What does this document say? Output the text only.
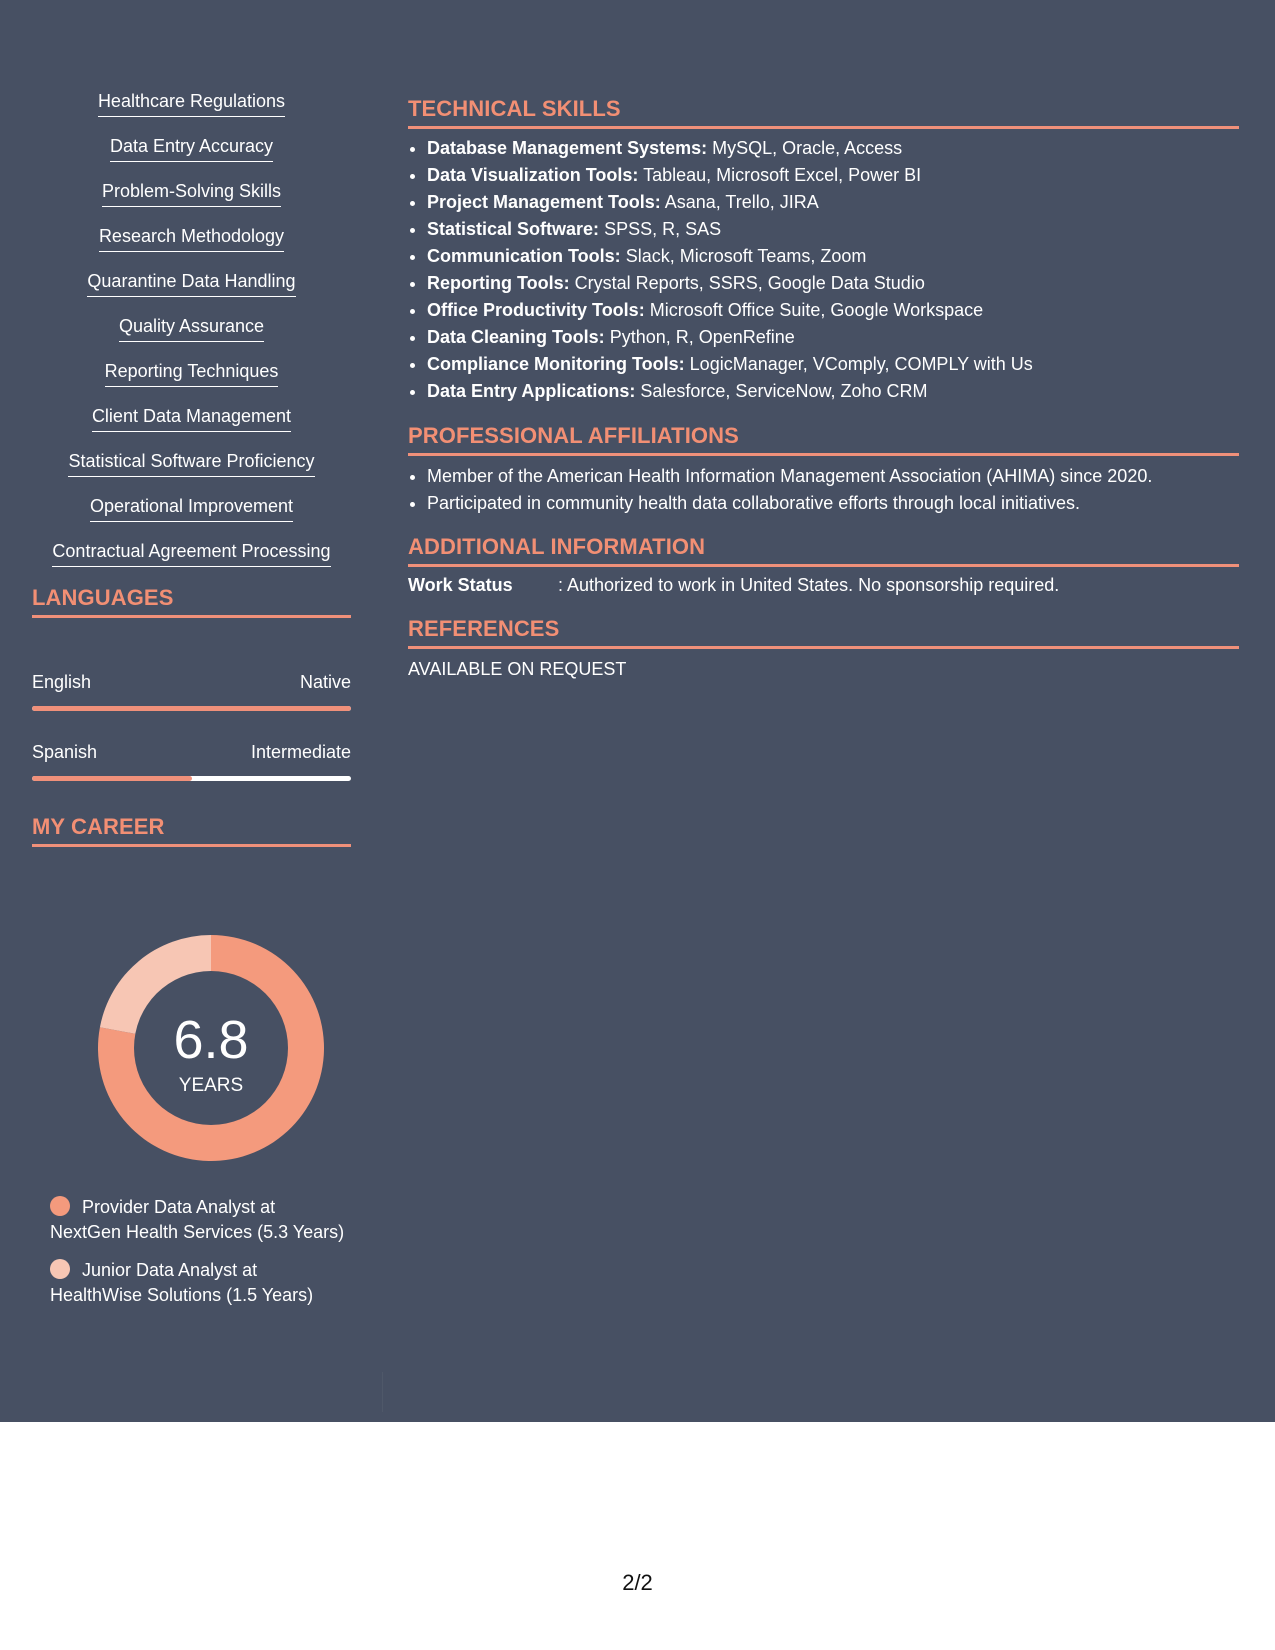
Healthcare Regulations
Data Entry Accuracy
Problem-Solving Skills
Research Methodology
Quarantine Data Handling
Quality Assurance
Reporting Techniques
Client Data Management
Statistical Software Proficiency
Operational Improvement
Contractual Agreement Processing
LANGUAGES
English	Native
Spanish	Intermediate
MY CAREER
6.8
YEARS
Provider Data Analyst at NextGen Health Services (5.3 Years)
Junior Data Analyst at HealthWise Solutions (1.5 Years)
TECHNICAL SKILLS
• Database Management Systems: MySQL, Oracle, Access
• Data Visualization Tools: Tableau, Microsoft Excel, Power BI
• Project Management Tools: Asana, Trello, JIRA
• Statistical Software: SPSS, R, SAS
• Communication Tools: Slack, Microsoft Teams, Zoom
• Reporting Tools: Crystal Reports, SSRS, Google Data Studio
• Office Productivity Tools: Microsoft Office Suite, Google Workspace
• Data Cleaning Tools: Python, R, OpenRefine
• Compliance Monitoring Tools: LogicManager, VComply, COMPLY with Us
• Data Entry Applications: Salesforce, ServiceNow, Zoho CRM
PROFESSIONAL AFFILIATIONS
• Member of the American Health Information Management Association (AHIMA) since 2020.
• Participated in community health data collaborative efforts through local initiatives.
ADDITIONAL INFORMATION
Work Status	: Authorized to work in United States. No sponsorship required.
REFERENCES
AVAILABLE ON REQUEST
2/2
